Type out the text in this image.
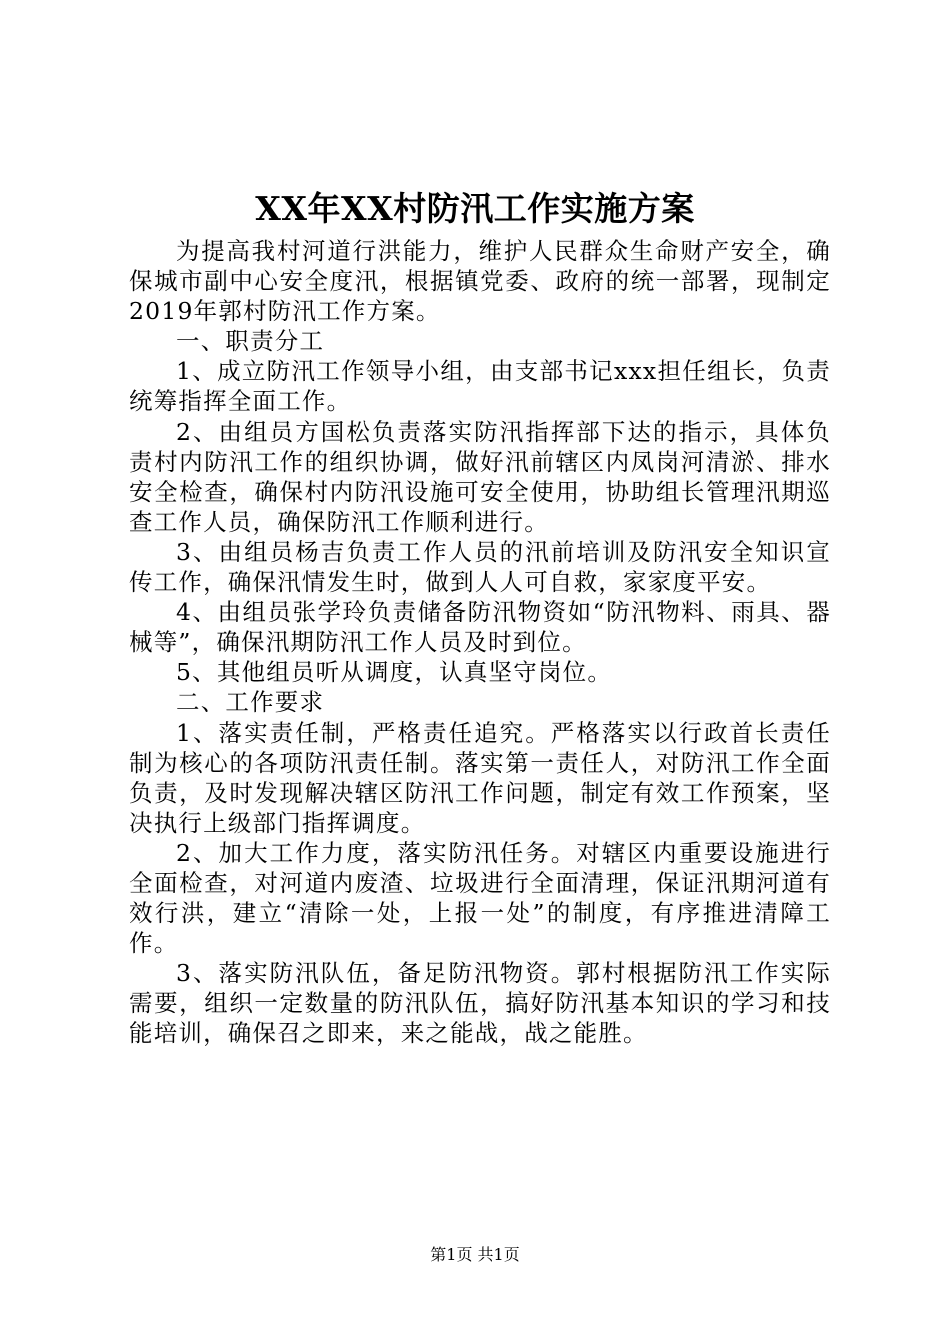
XX年XX村防汛工作实施方案

为提高我村河道行洪能力，维护人民群众生命财产安全，确保城市副中心安全度汛，根据镇党委、政府的统一部署，现制定2019年郭村防汛工作方案。

一、职责分工

1、成立防汛工作领导小组，由支部书记xxx担任组长，负责统筹指挥全面工作。

2、由组员方国松负责落实防汛指挥部下达的指示，具体负责村内防汛工作的组织协调，做好汛前辖区内凤岗河清淤、排水安全检查，确保村内防汛设施可安全使用，协助组长管理汛期巡查工作人员，确保防汛工作顺利进行。

3、由组员杨吉负责工作人员的汛前培训及防汛安全知识宣传工作，确保汛情发生时，做到人人可自救，家家度平安。

4、由组员张学玲负责储备防汛物资如“防汛物料、雨具、器械等”，确保汛期防汛工作人员及时到位。

5、其他组员听从调度，认真坚守岗位。

二、工作要求

1、落实责任制，严格责任追究。严格落实以行政首长责任制为核心的各项防汛责任制。落实第一责任人，对防汛工作全面负责，及时发现解决辖区防汛工作问题，制定有效工作预案，坚决执行上级部门指挥调度。

2、加大工作力度，落实防汛任务。对辖区内重要设施进行全面检查，对河道内废渣、垃圾进行全面清理，保证汛期河道有效行洪，建立“清除一处，上报一处”的制度，有序推进清障工作。

3、落实防汛队伍，备足防汛物资。郭村根据防汛工作实际需要，组织一定数量的防汛队伍，搞好防汛基本知识的学习和技能培训，确保召之即来，来之能战，战之能胜。

第1页 共1页
